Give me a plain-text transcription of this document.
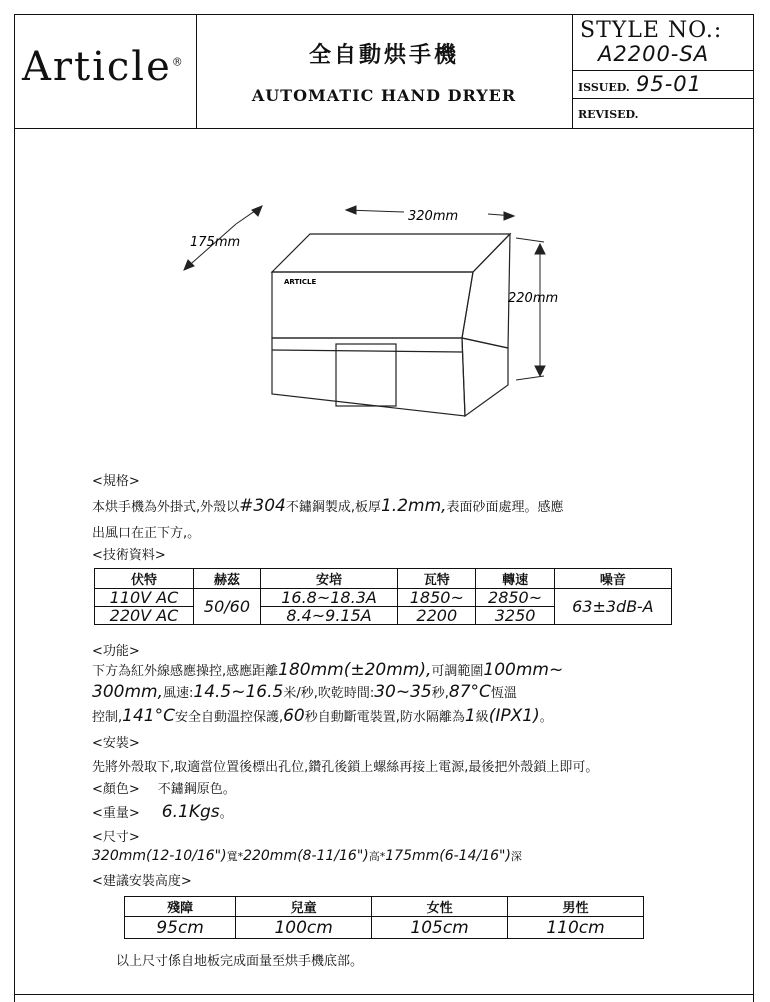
Article®	全自動烘手機
AUTOMATIC HAND DRYER
STYLE NO.:
A2200-SA
ISSUED. 95-01
REVISED.
320mm
175mm
220mm
ARTICLE
<規格>
本烘手機為外掛式,外殼以#304不鏽鋼製成,板厚1.2mm,表面砂面處理。感應
出風口在正下方,。
<技術資料>
<功能>
下方為紅外線感應操控,感應距離180mm(±20mm),可調範圍100mm~
300mm,風速:14.5~16.5米/秒,吹乾時間:30~35秒,87°C恆溫
控制,141°C安全自動溫控保護,60秒自動斷電裝置,防水隔離為1級(IPX1)。
<安裝>
先將外殼取下,取適當位置後標出孔位,鑽孔後鎖上螺絲再接上電源,最後把外殼鎖上即可。
<顏色> 不鏽鋼原色。
<重量> 6.1Kgs。
<尺寸>
320mm(12-10/16")寬*220mm(8-11/16")高*175mm(6-14/16")深
<建議安裝高度>
以上尺寸係自地板完成面量至烘手機底部。
伏特	赫茲	安培	瓦特	轉速	噪音
110V AC	50/60	16.8~18.3A	1850~	2850~	63±3dB-A
220V AC		8.4~9.15A	2200	3250	
殘障	兒童	女性	男性
95cm	100cm	105cm	110cm
